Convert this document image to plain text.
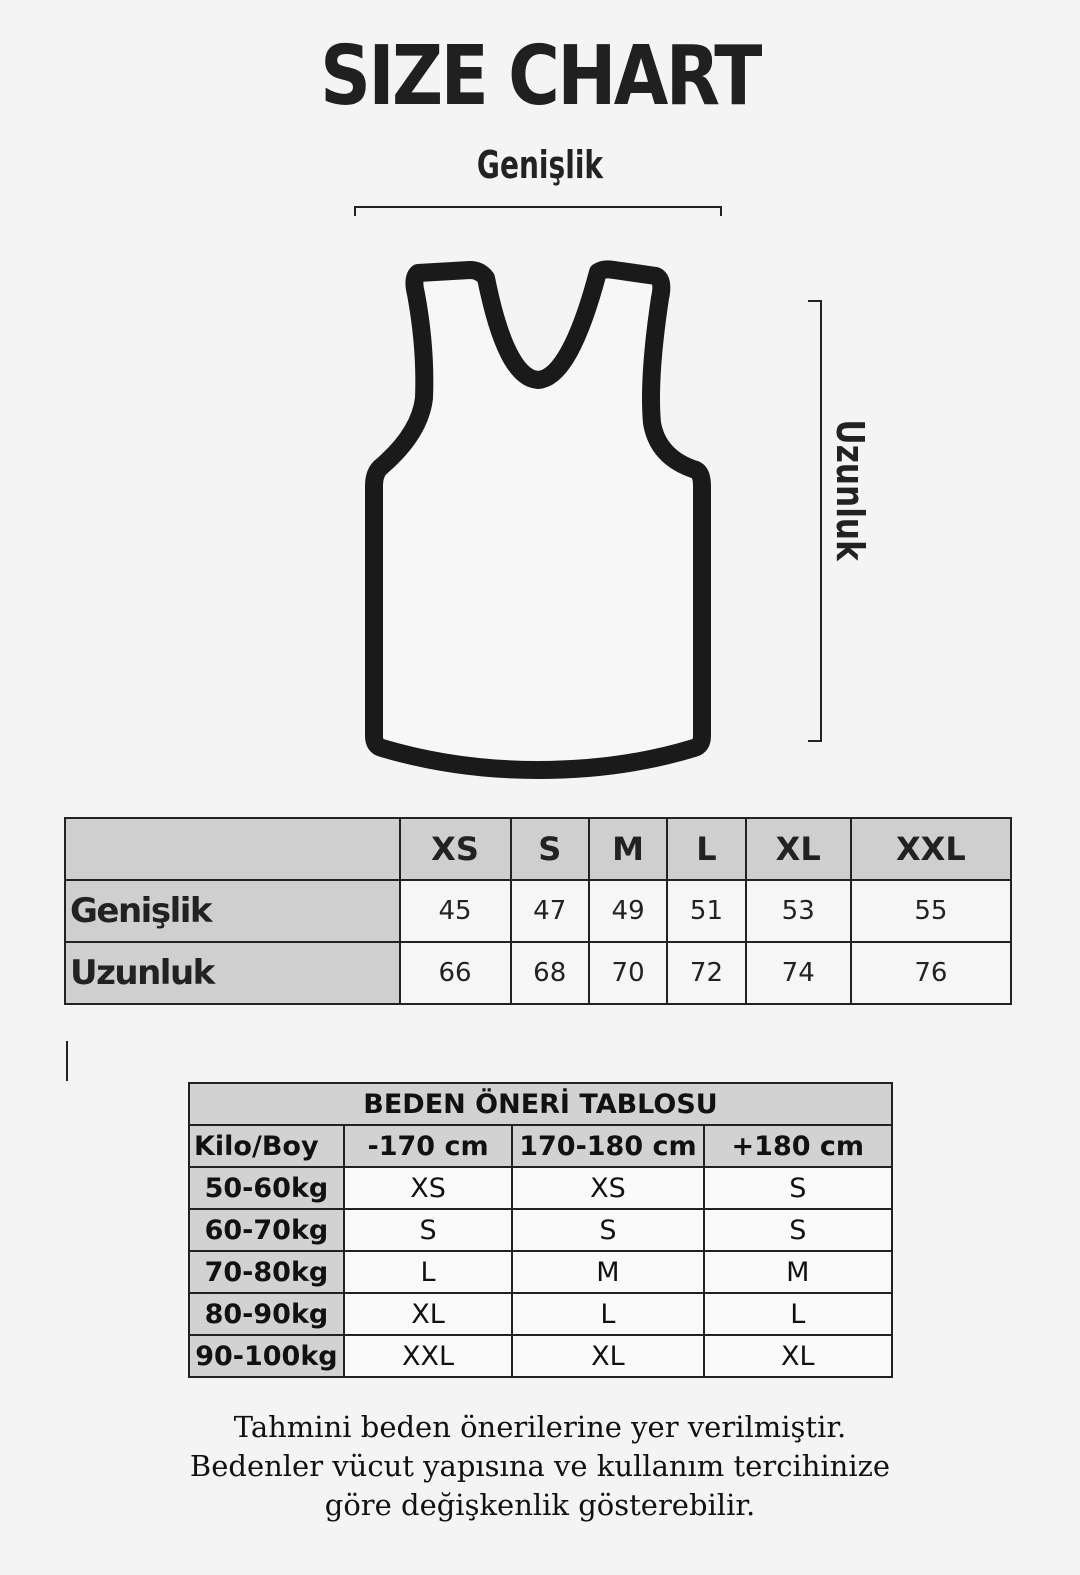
SIZE CHART
Genişlik
Uzunluk
	XS	S	M	L	XL	XXL
Genişlik	45	47	49	51	53	55
Uzunluk	66	68	70	72	74	76
BEDEN ÖNERİ TABLOSU			
Kilo/Boy	-170 cm	170-180 cm	+180 cm
50-60kg	XS	XS	S
60-70kg	S	S	S
70-80kg	L	M	M
80-90kg	XL	L	L
90-100kg	XXL	XL	XL
Tahmini beden önerilerine yer verilmiştir.
Bedenler vücut yapısına ve kullanım tercihinize
göre değişkenlik gösterebilir.
